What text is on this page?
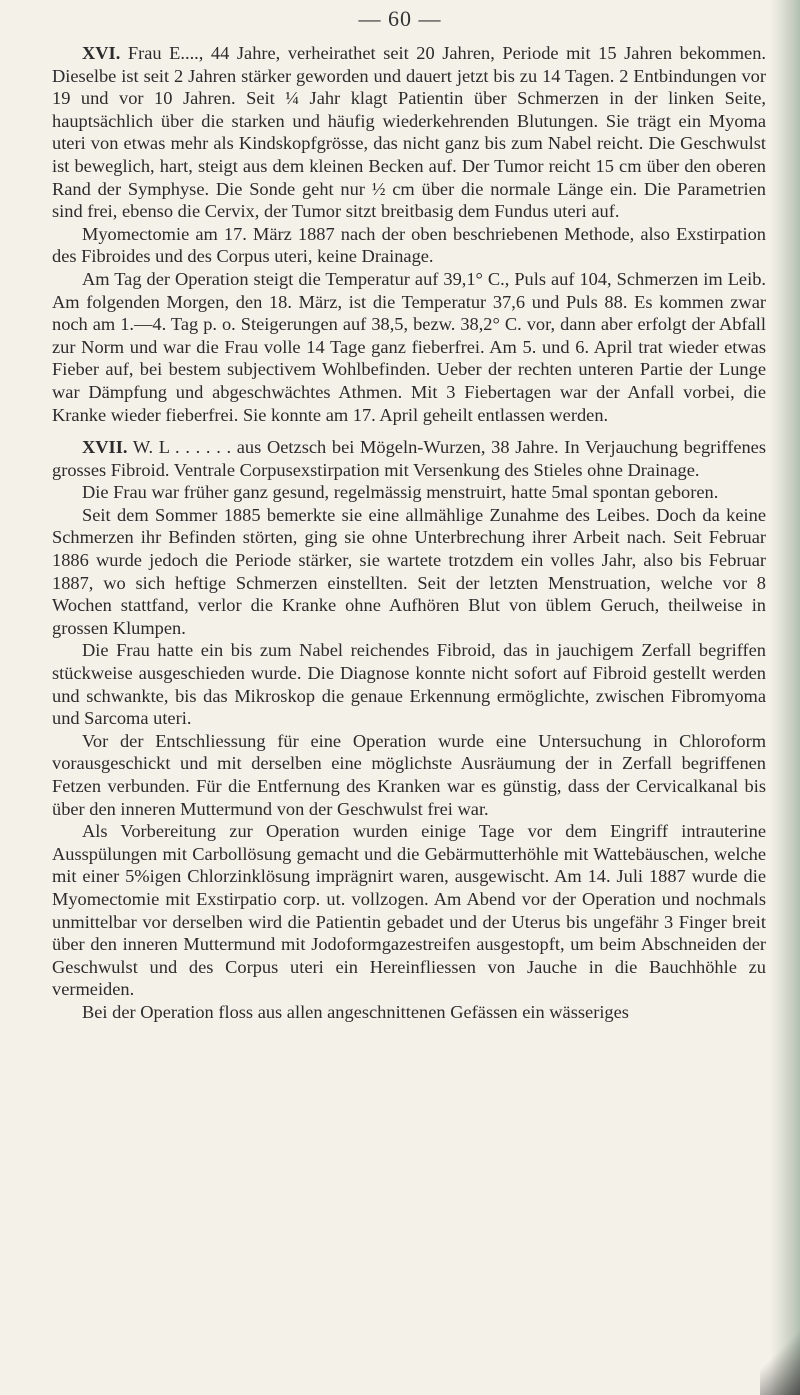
— 60 —

XVI. Frau E...., 44 Jahre, verheirathet seit 20 Jahren, Periode mit 15 Jahren bekommen. Dieselbe ist seit 2 Jahren stärker geworden und dauert jetzt bis zu 14 Tagen. 2 Entbindungen vor 19 und vor 10 Jahren. Seit ¼ Jahr klagt Patientin über Schmerzen in der linken Seite, hauptsächlich über die starken und häufig wiederkehrenden Blutungen. Sie trägt ein Myoma uteri von etwas mehr als Kindskopfgrösse, das nicht ganz bis zum Nabel reicht. Die Geschwulst ist beweglich, hart, steigt aus dem kleinen Becken auf. Der Tumor reicht 15 cm über den oberen Rand der Symphyse. Die Sonde geht nur ½ cm über die normale Länge ein. Die Parametrien sind frei, ebenso die Cervix, der Tumor sitzt breitbasig dem Fundus uteri auf.

Myomectomie am 17. März 1887 nach der oben beschriebenen Methode, also Exstirpation des Fibroides und des Corpus uteri, keine Drainage.

Am Tag der Operation steigt die Temperatur auf 39,1° C., Puls auf 104, Schmerzen im Leib. Am folgenden Morgen, den 18. März, ist die Temperatur 37,6 und Puls 88. Es kommen zwar noch am 1.—4. Tag p. o. Steigerungen auf 38,5, bezw. 38,2° C. vor, dann aber erfolgt der Abfall zur Norm und war die Frau volle 14 Tage ganz fieberfrei. Am 5. und 6. April trat wieder etwas Fieber auf, bei bestem subjectivem Wohlbefinden. Ueber der rechten unteren Partie der Lunge war Dämpfung und abgeschwächtes Athmen. Mit 3 Fiebertagen war der Anfall vorbei, die Kranke wieder fieberfrei. Sie konnte am 17. April geheilt entlassen werden.

XVII. W. L . . . . . . aus Oetzsch bei Mögeln-Wurzen, 38 Jahre. In Verjauchung begriffenes grosses Fibroid. Ventrale Corpusexstirpation mit Versenkung des Stieles ohne Drainage.

Die Frau war früher ganz gesund, regelmässig menstruirt, hatte 5mal spontan geboren.

Seit dem Sommer 1885 bemerkte sie eine allmählige Zunahme des Leibes. Doch da keine Schmerzen ihr Befinden störten, ging sie ohne Unterbrechung ihrer Arbeit nach. Seit Februar 1886 wurde jedoch die Periode stärker, sie wartete trotzdem ein volles Jahr, also bis Februar 1887, wo sich heftige Schmerzen einstellten. Seit der letzten Menstruation, welche vor 8 Wochen stattfand, verlor die Kranke ohne Aufhören Blut von üblem Geruch, theilweise in grossen Klumpen.

Die Frau hatte ein bis zum Nabel reichendes Fibroid, das in jauchigem Zerfall begriffen stückweise ausgeschieden wurde. Die Diagnose konnte nicht sofort auf Fibroid gestellt werden und schwankte, bis das Mikroskop die genaue Erkennung ermöglichte, zwischen Fibromyoma und Sarcoma uteri.

Vor der Entschliessung für eine Operation wurde eine Untersuchung in Chloroform vorausgeschickt und mit derselben eine möglichste Ausräumung der in Zerfall begriffenen Fetzen verbunden. Für die Entfernung des Kranken war es günstig, dass der Cervicalkanal bis über den inneren Muttermund von der Geschwulst frei war.

Als Vorbereitung zur Operation wurden einige Tage vor dem Eingriff intrauterine Ausspülungen mit Carbollösung gemacht und die Gebärmutterhöhle mit Wattebäuschen, welche mit einer 5%igen Chlorzinklösung imprägnirt waren, ausgewischt. Am 14. Juli 1887 wurde die Myomectomie mit Exstirpatio corp. ut. vollzogen. Am Abend vor der Operation und nochmals unmittelbar vor derselben wird die Patientin gebadet und der Uterus bis ungefähr 3 Finger breit über den inneren Muttermund mit Jodoformgazestreifen ausgestopft, um beim Abschneiden der Geschwulst und des Corpus uteri ein Hereinfliessen von Jauche in die Bauchhöhle zu vermeiden.

Bei der Operation floss aus allen angeschnittenen Gefässen ein wässeriges
